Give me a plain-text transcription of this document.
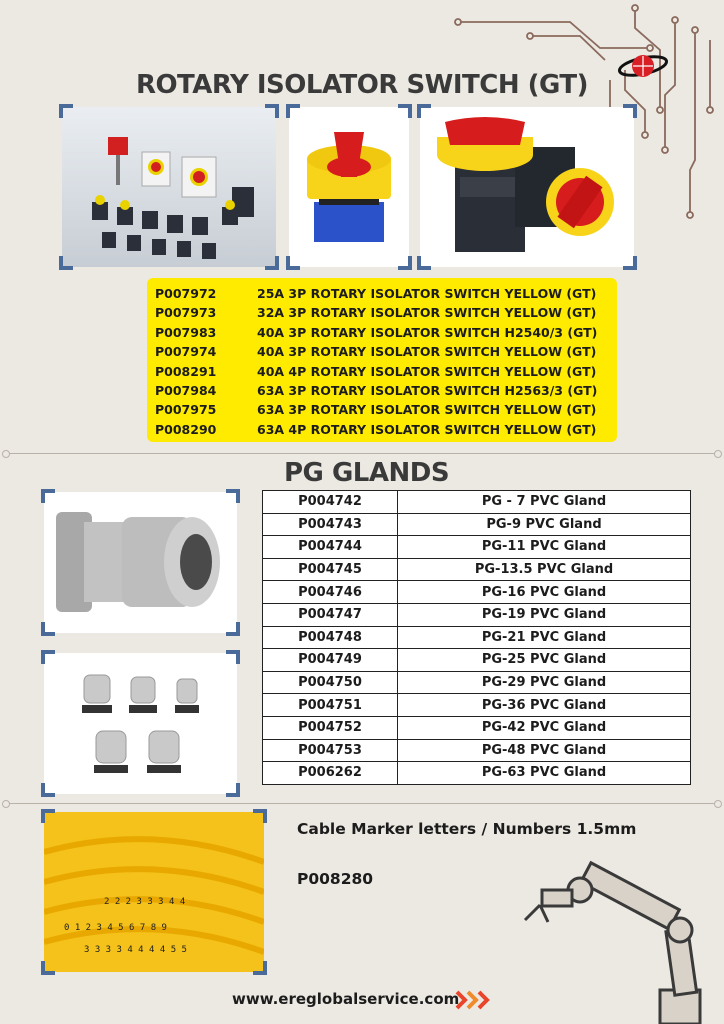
ROTARY ISOLATOR SWITCH (GT)
P007972	25A 3P ROTARY ISOLATOR SWITCH YELLOW (GT)
P007973	32A 3P ROTARY ISOLATOR SWITCH YELLOW (GT)
P007983	40A 3P ROTARY ISOLATOR SWITCH H2540/3 (GT)
P007974	40A 3P ROTARY ISOLATOR SWITCH YELLOW (GT)
P008291	40A 4P ROTARY ISOLATOR SWITCH YELLOW (GT)
P007984	63A 3P ROTARY ISOLATOR SWITCH H2563/3 (GT)
P007975	63A 3P ROTARY ISOLATOR SWITCH YELLOW (GT)
P008290	63A 4P ROTARY ISOLATOR SWITCH YELLOW (GT)
PG GLANDS
P004742	PG - 7 PVC Gland
P004743	PG-9 PVC Gland
P004744	PG-11 PVC Gland
P004745	PG-13.5 PVC Gland
P004746	PG-16 PVC Gland
P004747	PG-19 PVC Gland
P004748	PG-21 PVC Gland
P004749	PG-25 PVC Gland
P004750	PG-29 PVC Gland
P004751	PG-36 PVC Gland
P004752	PG-42 PVC Gland
P004753	PG-48 PVC Gland
P006262	PG-63 PVC Gland
0 1 2 3 4 5 6 7 8 9
3 3 3 3 4 4 4 4 5 5
2 2 2 3 3 3 4 4
Cable Marker letters / Numbers 1.5mm
P008280
www.ereglobalservice.com
